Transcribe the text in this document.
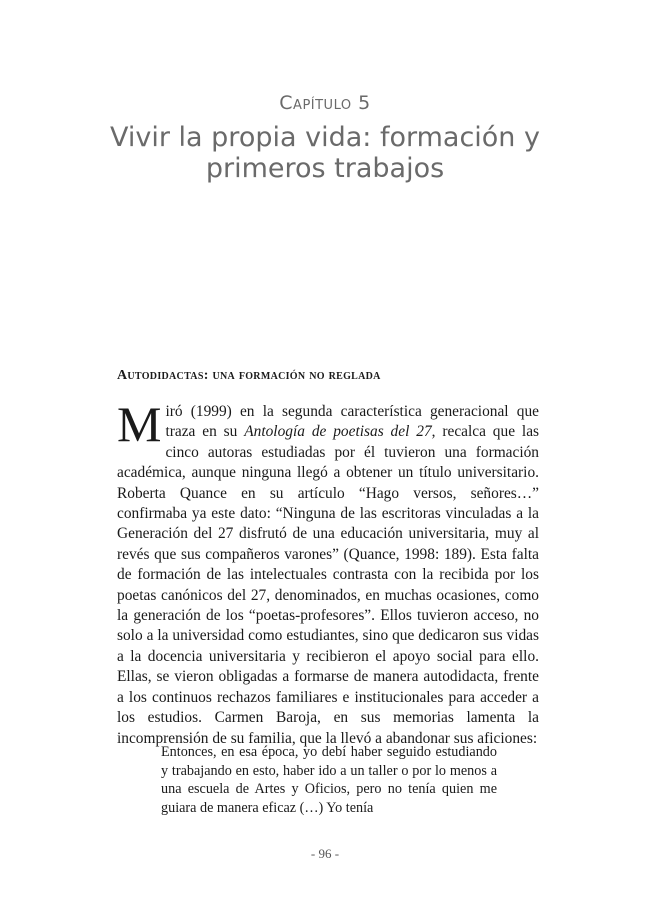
Capítulo 5
Vivir la propia vida: formación y
primeros trabajos
Autodidactas: una formación no reglada

Miró (1999) en la segunda característica generacional que traza en su Antología de poetisas del 27, recalca que las cinco autoras estudiadas por él tuvieron una formación académica, aunque ninguna llegó a obtener un título universitario. Roberta Quance en su artículo “Hago versos, señores…” confirmaba ya este dato: “Ninguna de las escritoras vinculadas a la Generación del 27 disfrutó de una educación universitaria, muy al revés que sus compañeros varones” (Quance, 1998: 189). Esta falta de formación de las intelectuales contrasta con la recibida por los poetas canónicos del 27, denominados, en muchas ocasiones, como la generación de los “poetas-profesores”. Ellos tuvieron acceso, no solo a la universidad como estudiantes, sino que dedicaron sus vidas a la docencia universitaria y recibieron el apoyo social para ello. Ellas, se vieron obligadas a formarse de manera autodidacta, frente a los continuos rechazos familiares e institucionales para acceder a los estudios. Carmen Baroja, en sus memorias lamenta la incomprensión de su familia, que la llevó a abandonar sus aficiones:

Entonces, en esa época, yo debí haber seguido estudiando y trabajando en esto, haber ido a un taller o por lo menos a una escuela de Artes y Oficios, pero no tenía quien me guiara de manera eficaz (…) Yo tenía

- 96 -
